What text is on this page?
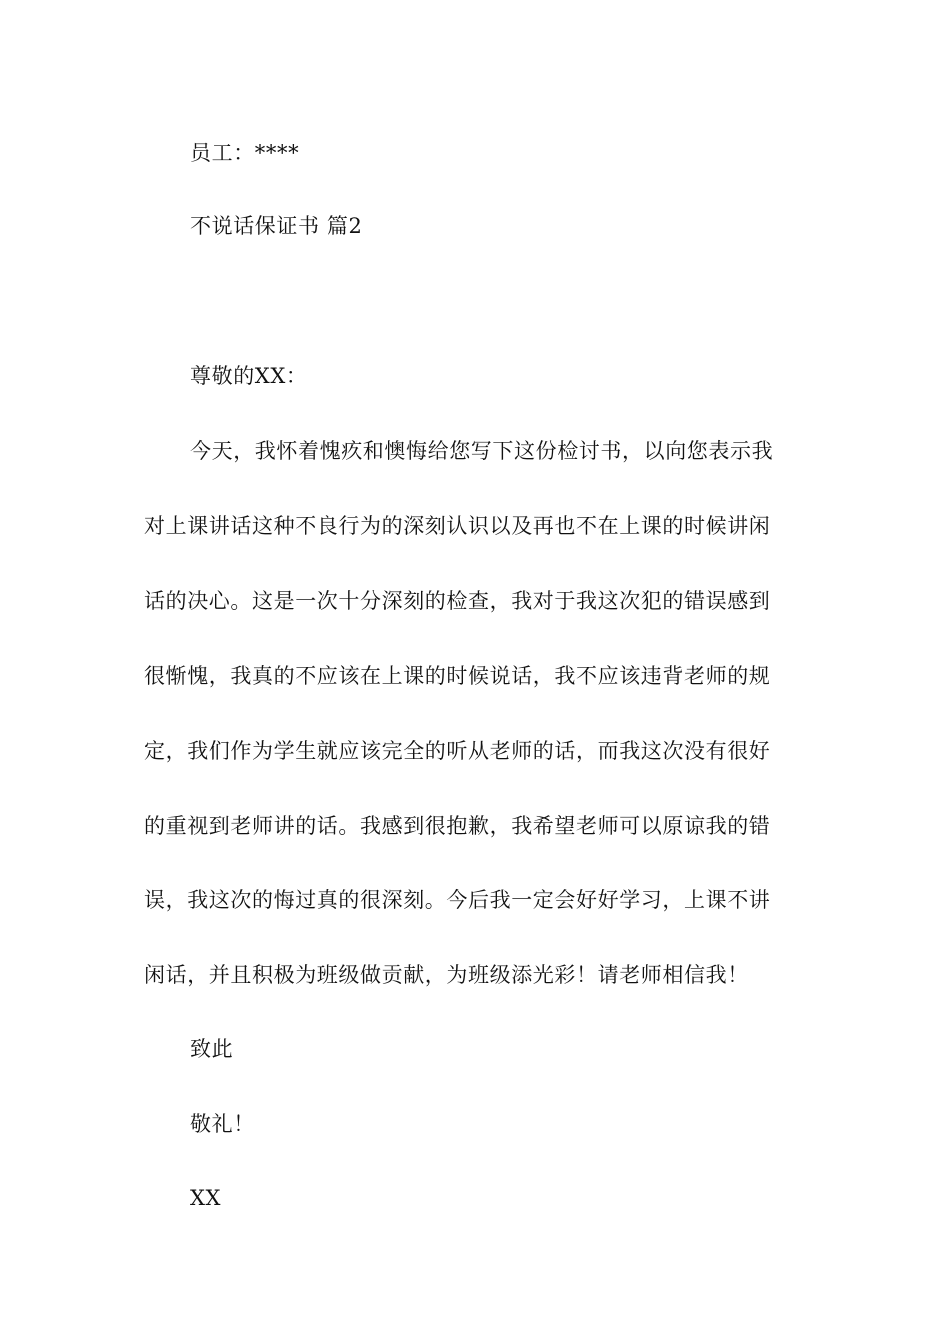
员工：****
不说话保证书 篇2
尊敬的XX：
今天，我怀着愧疚和懊悔给您写下这份检讨书，以向您表示我
对上课讲话这种不良行为的深刻认识以及再也不在上课的时候讲闲
话的决心。这是一次十分深刻的检查，我对于我这次犯的错误感到
很惭愧，我真的不应该在上课的时候说话，我不应该违背老师的规
定，我们作为学生就应该完全的听从老师的话，而我这次没有很好
的重视到老师讲的话。我感到很抱歉，我希望老师可以原谅我的错
误，我这次的悔过真的很深刻。今后我一定会好好学习，上课不讲
闲话，并且积极为班级做贡献，为班级添光彩！请老师相信我！
致此
敬礼！
XX
